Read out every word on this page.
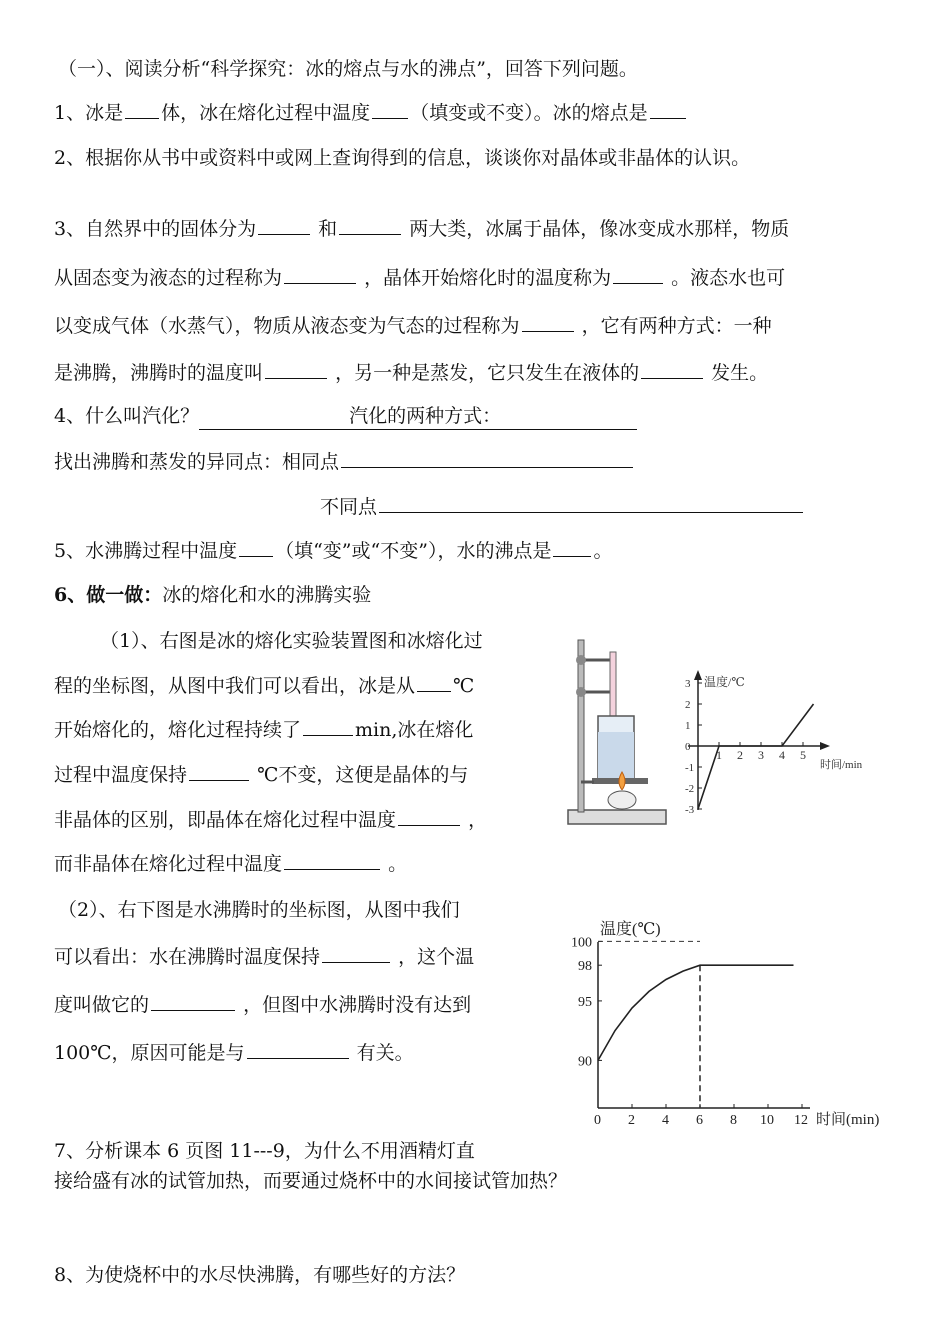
（一）、阅读分析“科学探究：冰的熔点与水的沸点”，回答下列问题。
1、冰是 体，冰在熔化过程中温度 （填变或不变）。冰的熔点是
2、根据你从书中或资料中或网上查询得到的信息，谈谈你对晶体或非晶体的认识。
3、自然界中的固体分为	和	两大类，冰属于晶体，像冰变成水那样，物质
从固态变为液态的过程称为	，晶体开始熔化时的温度称为	。液态水也可
以变成气体（水蒸气），物质从液态变为气态的过程称为	，它有两种方式：一种
是沸腾，沸腾时的温度叫	，另一种是蒸发，它只发生在液体的	发生。
4、什么叫汽化？	汽化的两种方式：
找出沸腾和蒸发的异同点：相同点
不同点
5、水沸腾过程中温度 （填“变”或“不变”），水的沸点是 。
6、做一做：冰的熔化和水的沸腾实验
（1）、右图是冰的熔化实验装置图和冰熔化过
程的坐标图，从图中我们可以看出，冰是从 ℃
开始熔化的，熔化过程持续了	min,冰在熔化
过程中温度保持	℃不变，这便是晶体的与
非晶体的区别，即晶体在熔化过程中温度	，
而非晶体在熔化过程中温度	。
（2）、右下图是水沸腾时的坐标图，从图中我们
可以看出：水在沸腾时温度保持	，这个温
度叫做它的	，但图中水沸腾时没有达到
100℃，原因可能是与	有关。
温度/℃
时间/min
1 2 3 4 5
3
2
1
0
-1
-2
-3
温度(℃)
时间(min)
0 2 4 6 8 10 12
90
95
98
100
7、分析课本 6 页图 11---9，为什么不用酒精灯直
接给盛有冰的试管加热，而要通过烧杯中的水间接试管加热？
8、为使烧杯中的水尽快沸腾，有哪些好的方法？
